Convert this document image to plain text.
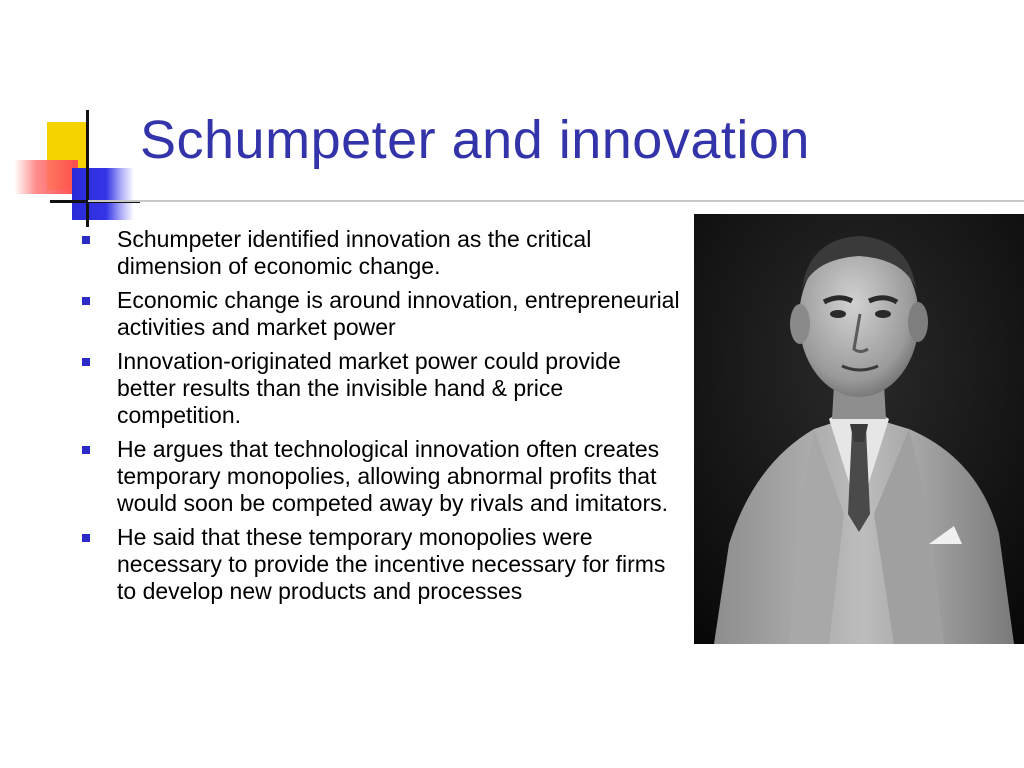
Schumpeter and innovation
Schumpeter identified innovation as the critical dimension of economic change.
Economic change is around innovation, entrepreneurial activities and market power
Innovation-originated market power could provide better results than the invisible hand & price competition.
He argues that technological innovation often creates temporary monopolies, allowing abnormal profits that would soon be competed away by rivals and imitators.
He said that these temporary monopolies were necessary to provide the incentive necessary for firms to develop new products and processes
